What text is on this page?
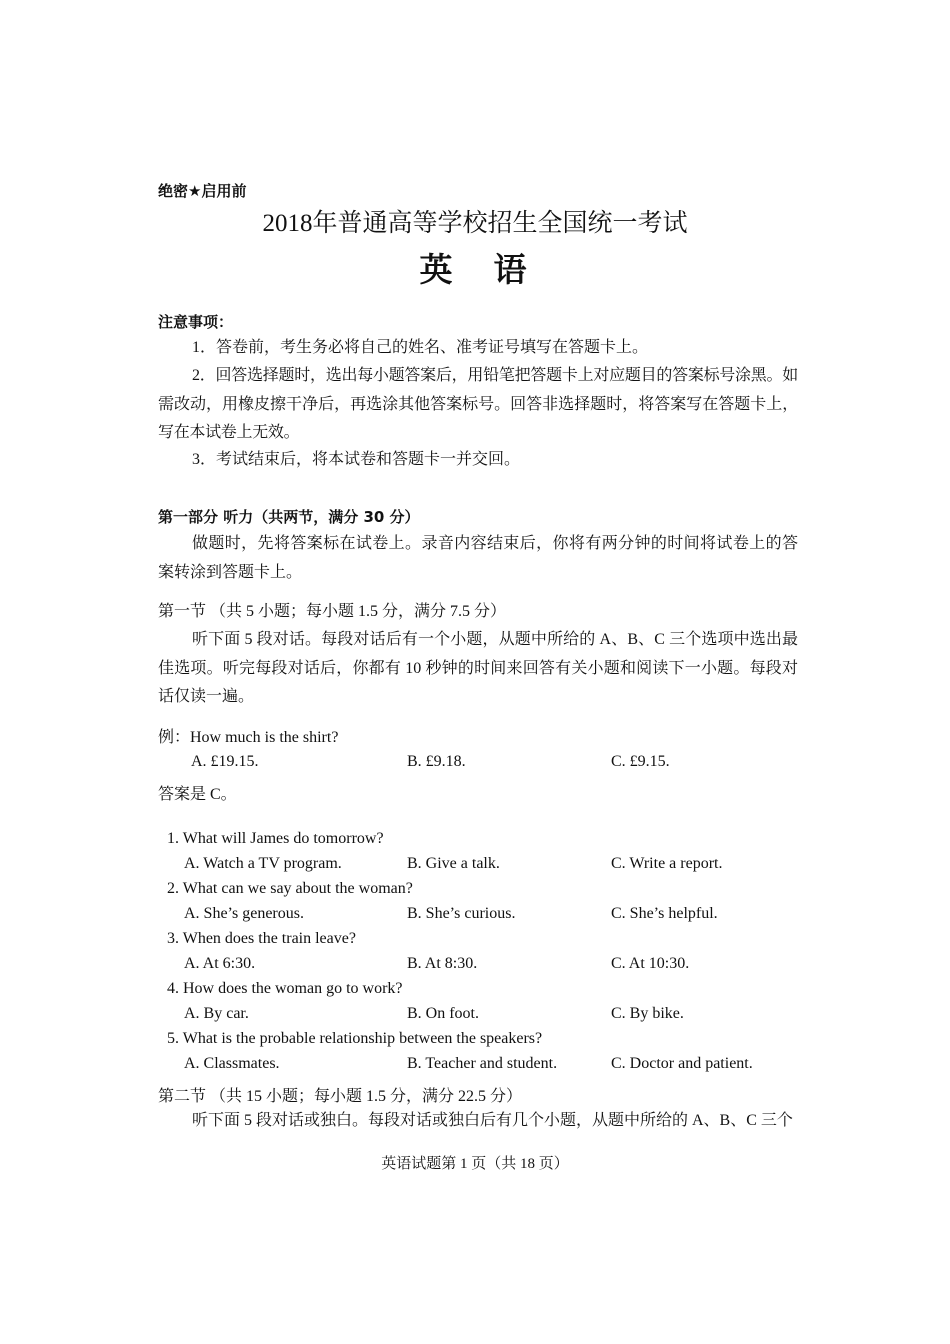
绝密★启用前
2018年普通高等学校招生全国统一考试
英　语
注意事项：
1．答卷前，考生务必将自己的姓名、准考证号填写在答题卡上。
2．回答选择题时，选出每小题答案后，用铅笔把答题卡上对应题目的答案标号涂黑。如需改动，用橡皮擦干净后，再选涂其他答案标号。回答非选择题时，将答案写在答题卡上，写在本试卷上无效。
3．考试结束后，将本试卷和答题卡一并交回。
第一部分 听力（共两节，满分 30 分）
做题时，先将答案标在试卷上。录音内容结束后，你将有两分钟的时间将试卷上的答案转涂到答题卡上。
第一节 （共 5 小题；每小题 1.5 分，满分 7.5 分）
听下面 5 段对话。每段对话后有一个小题，从题中所给的 A、B、C 三个选项中选出最佳选项。听完每段对话后，你都有 10 秒钟的时间来回答有关小题和阅读下一小题。每段对话仅读一遍。
例：How much is the shirt?
A. £19.15.	B. £9.18.	C. £9.15.
答案是 C。
1. What will James do tomorrow?
A. Watch a TV program.	B. Give a talk.	C. Write a report.
2. What can we say about the woman?
A. She’s generous.	B. She’s curious.	C. She’s helpful.
3. When does the train leave?
A. At 6:30.	B. At 8:30.	C. At 10:30.
4. How does the woman go to work?
A. By car.	B. On foot.	C. By bike.
5. What is the probable relationship between the speakers?
A. Classmates.	B. Teacher and student.	C. Doctor and patient.
第二节 （共 15 小题；每小题 1.5 分，满分 22.5 分）
听下面 5 段对话或独白。每段对话或独白后有几个小题，从题中所给的 A、B、C 三个
英语试题第 1 页（共 18 页）
